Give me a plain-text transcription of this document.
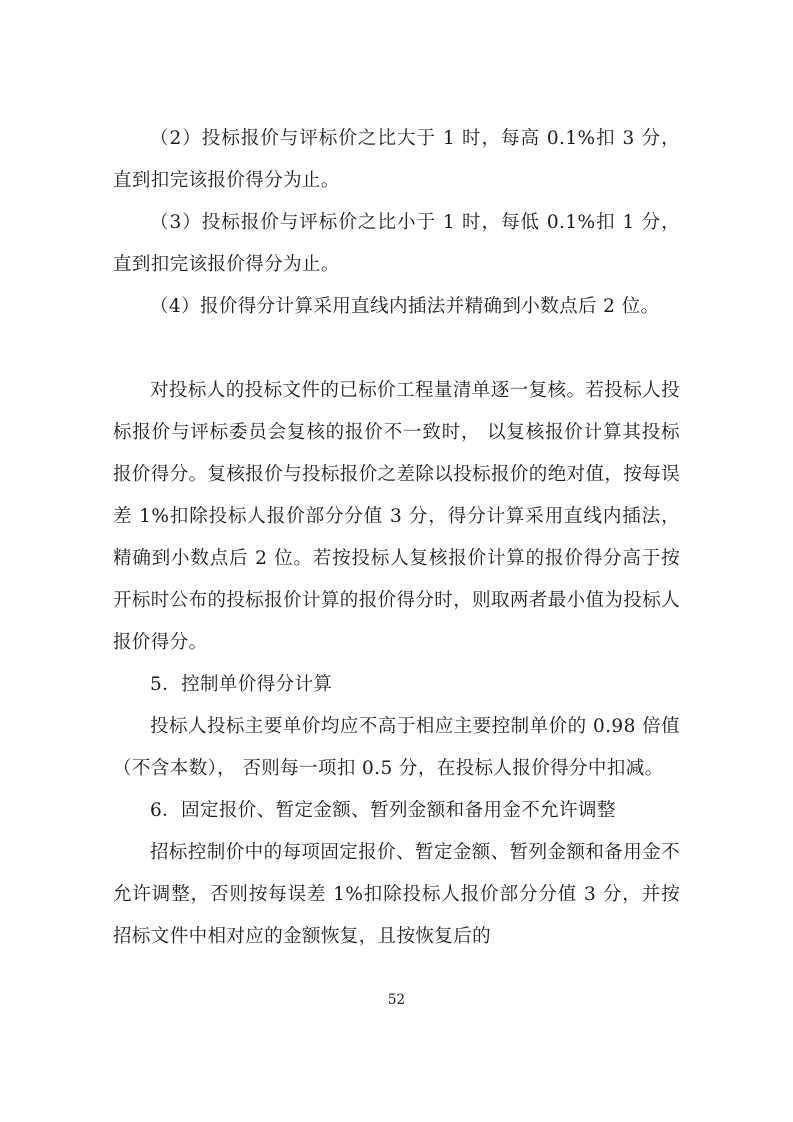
（2）投标报价与评标价之比大于 1 时，每高 0.1%扣 3 分，直到扣完该报价得分为止。

（3）投标报价与评标价之比小于 1 时，每低 0.1%扣 1 分，直到扣完该报价得分为止。

（4）报价得分计算采用直线内插法并精确到小数点后 2 位。

对投标人的投标文件的已标价工程量清单逐一复核。若投标人投标报价与评标委员会复核的报价不一致时， 以复核报价计算其投标报价得分。复核报价与投标报价之差除以投标报价的绝对值，按每误差 1%扣除投标人报价部分分值 3 分，得分计算采用直线内插法，精确到小数点后 2 位。若按投标人复核报价计算的报价得分高于按开标时公布的投标报价计算的报价得分时，则取两者最小值为投标人报价得分。

5．控制单价得分计算

投标人投标主要单价均应不高于相应主要控制单价的 0.98 倍值（不含本数）， 否则每一项扣 0.5 分，在投标人报价得分中扣减。

6．固定报价、暂定金额、暂列金额和备用金不允许调整

招标控制价中的每项固定报价、暂定金额、暂列金额和备用金不允许调整，否则按每误差 1%扣除投标人报价部分分值 3 分，并按招标文件中相对应的金额恢复，且按恢复后的

52
